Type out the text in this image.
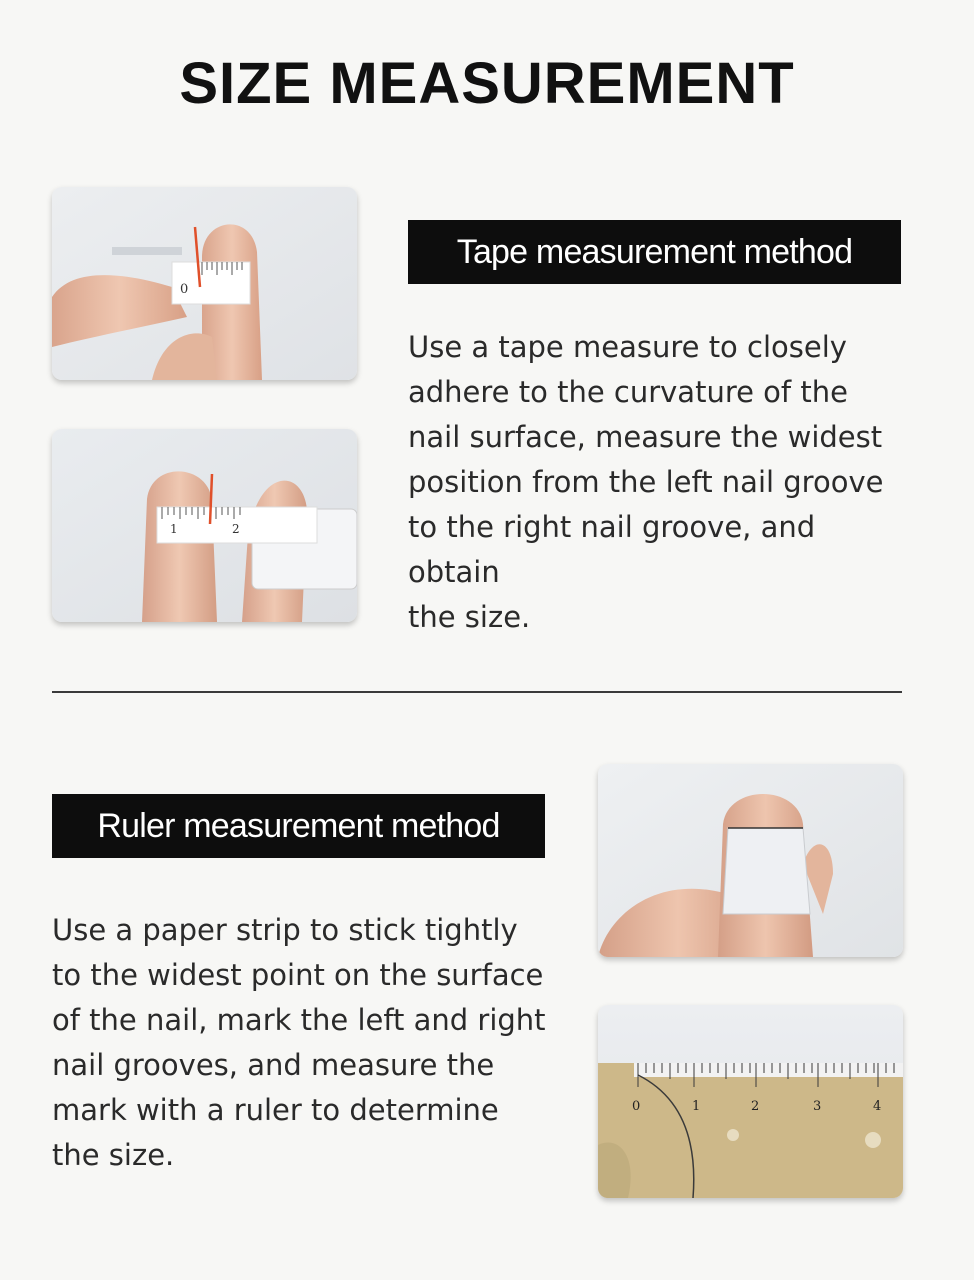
SIZE MEASUREMENT
0
1	2
Tape measurement method
Use a tape measure to closely
adhere to the curvature of the
nail surface, measure the widest
position from the left nail groove
to the right nail groove, and obtain
the size.
Ruler measurement method
Use a paper strip to stick tightly
to the widest point on the surface
of the nail, mark the left and right
nail grooves, and measure the
mark with a ruler to determine
the size.
0	1	2	3	4
